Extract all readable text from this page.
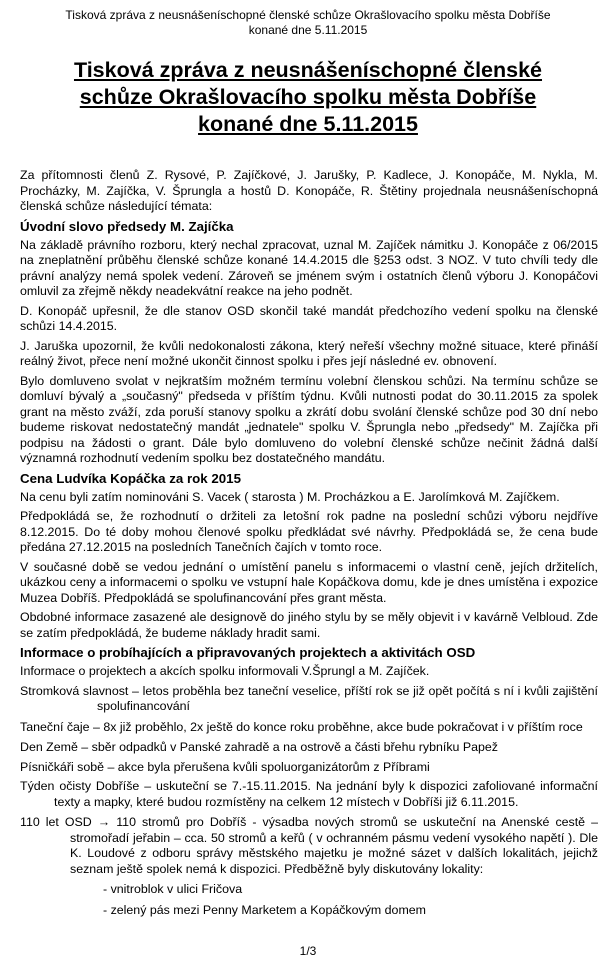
Tisková zpráva z neusnášeníschopné členské schůze Okrašlovacího spolku města Dobříše
konané dne 5.11.2015
Tisková zpráva z neusnášeníschopné členské
schůze Okrašlovacího spolku města Dobříše
konané dne 5.11.2015

Za přítomnosti členů Z. Rysové, P. Zajíčkové, J. Jarušky, P. Kadlece, J. Konopáče, M. Nykla, M. Procházky, M. Zajíčka, V. Šprungla a hostů D. Konopáče, R. Štětiny projednala neusnášeníschopná členská schůze následující témata:

Úvodní slovo předsedy M. Zajíčka

Na základě právního rozboru, který nechal zpracovat, uznal M. Zajíček námitku J. Konopáče z 06/2015 na zneplatnění průběhu členské schůze konané 14.4.2015 dle §253 odst. 3 NOZ. V tuto chvíli tedy dle právní analýzy nemá spolek vedení. Zároveň se jménem svým i ostatních členů výboru J. Konopáčovi omluvil za zřejmě někdy neadekvátní reakce na jeho podnět.

D. Konopáč upřesnil, že dle stanov OSD skončil také mandát předchozího vedení spolku na členské schůzi 14.4.2015.

J. Jaruška upozornil, že kvůli nedokonalosti zákona, který neřeší všechny možné situace, které přináší reálný život, přece není možné ukončit činnost spolku i přes její následné ev. obnovení.

Bylo domluveno svolat v nejkratším možném termínu volební členskou schůzi. Na termínu schůze se domluví bývalý a „současný" předseda v příštím týdnu. Kvůli nutnosti podat do 30.11.2015 za spolek grant na město zváží, zda poruší stanovy spolku a zkrátí dobu svolání členské schůze pod 30 dní nebo budeme riskovat nedostatečný mandát „jednatele" spolku V. Šprungla nebo „předsedy" M. Zajíčka při podpisu na žádosti o grant. Dále bylo domluveno do volební členské schůze nečinit žádná další významná rozhodnutí vedením spolku bez dostatečného mandátu.

Cena Ludvíka Kopáčka za rok 2015

Na cenu byli zatím nominováni S. Vacek ( starosta ) M. Procházkou a E. Jarolímková M. Zajíčkem.

Předpokládá se, že rozhodnutí o držiteli za letošní rok padne na poslední schůzi výboru nejdříve 8.12.2015. Do té doby mohou členové spolku předkládat své návrhy. Předpokládá se, že cena bude předána 27.12.2015 na posledních Tanečních čajích v tomto roce.

V současné době se vedou jednání o umístění panelu s informacemi o vlastní ceně, jejích držitelích, ukázkou ceny a informacemi o spolku ve vstupní hale Kopáčkova domu, kde je dnes umístěna i expozice Muzea Dobříš. Předpokládá se spolufinancování přes grant města.

Obdobné informace zasazené ale designově do jiného stylu by se měly objevit i v kavárně Velbloud. Zde se zatím předpokládá, že budeme náklady hradit sami.

Informace o probíhajících a připravovaných projektech a aktivitách OSD

Informace o projektech a akcích spolku informovali V.Šprungl a M. Zajíček.

Stromková slavnost – letos proběhla bez taneční veselice, příští rok se již opět počítá s ní i kvůli zajištění spolufinancování

Taneční čaje – 8x již proběhlo, 2x ještě do konce roku proběhne, akce bude pokračovat i v příštím roce

Den Země – sběr odpadků v Panské zahradě a na ostrově a části břehu rybníku Papež

Písničkáři sobě – akce byla přerušena kvůli spoluorganizátorům z Příbrami

Týden očisty Dobříše – uskuteční se 7.-15.11.2015. Na jednání byly k dispozici zafoliované informační texty a mapky, které budou rozmístěny na celkem 12 místech v Dobříši již 6.11.2015.

110 let OSD → 110 stromů pro Dobříš - výsadba nových stromů se uskuteční na Anenské cestě – stromořadí jeřabin – cca. 50 stromů a keřů ( v ochranném pásmu vedení vysokého napětí ). Dle K. Loudové z odboru správy městského majetku je možné sázet v dalších lokalitách, jejichž seznam ještě spolek nemá k dispozici. Předběžně byly diskutovány lokality:

- vnitroblok v ulici Fričova
- zelený pás mezi Penny Marketem a Kopáčkovým domem
1/3
